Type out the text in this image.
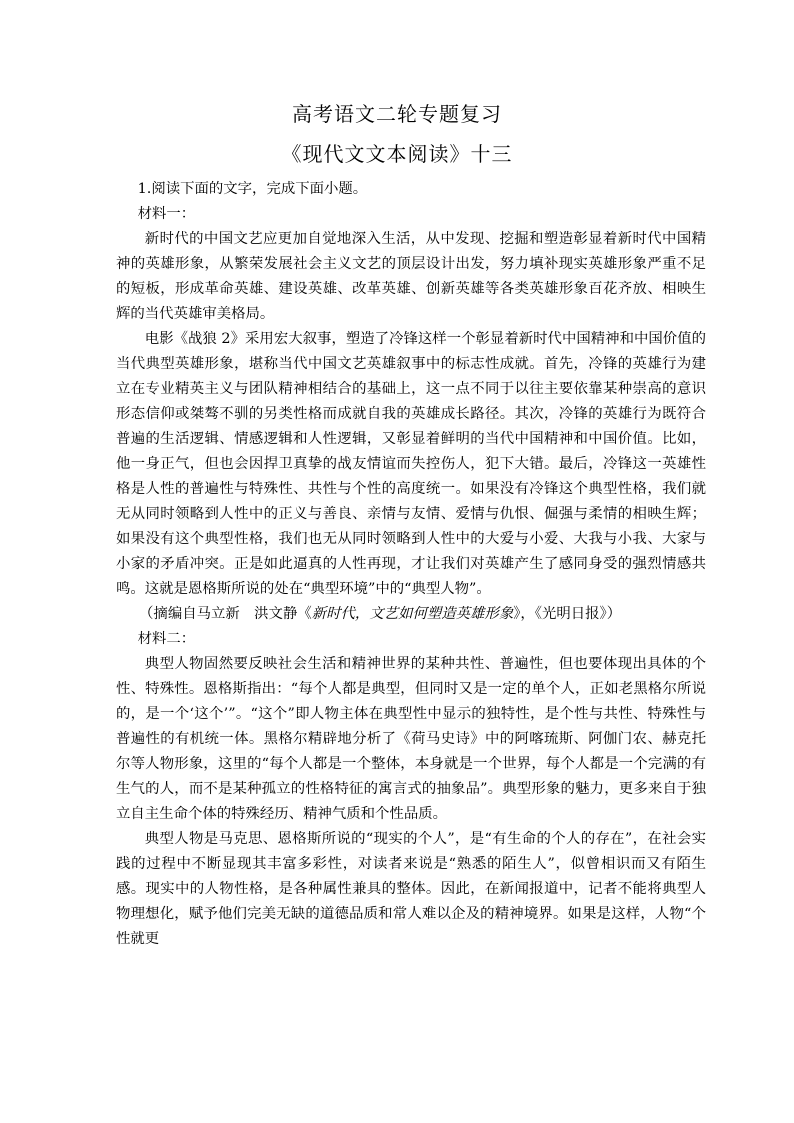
高考语文二轮专题复习
《现代文文本阅读》十三

1.阅读下面的文字，完成下面小题。

材料一：

新时代的中国文艺应更加自觉地深入生活，从中发现、挖掘和塑造彰显着新时代中国精神的英雄形象，从繁荣发展社会主义文艺的顶层设计出发，努力填补现实英雄形象严重不足的短板，形成革命英雄、建设英雄、改革英雄、创新英雄等各类英雄形象百花齐放、相映生辉的当代英雄审美格局。

电影《战狼 2》采用宏大叙事，塑造了冷锋这样一个彰显着新时代中国精神和中国价值的当代典型英雄形象，堪称当代中国文艺英雄叙事中的标志性成就。首先，冷锋的英雄行为建立在专业精英主义与团队精神相结合的基础上，这一点不同于以往主要依靠某种崇高的意识形态信仰或桀骜不驯的另类性格而成就自我的英雄成长路径。其次，冷锋的英雄行为既符合普遍的生活逻辑、情感逻辑和人性逻辑，又彰显着鲜明的当代中国精神和中国价值。比如，他一身正气，但也会因捍卫真挚的战友情谊而失控伤人，犯下大错。最后，冷锋这一英雄性格是人性的普遍性与特殊性、共性与个性的高度统一。如果没有冷锋这个典型性格，我们就无从同时领略到人性中的正义与善良、亲情与友情、爱情与仇恨、倔强与柔情的相映生辉；如果没有这个典型性格，我们也无从同时领略到人性中的大爱与小爱、大我与小我、大家与小家的矛盾冲突。正是如此逼真的人性再现，才让我们对英雄产生了感同身受的强烈情感共鸣。这就是恩格斯所说的处在“典型环境”中的“典型人物”。

（摘编自马立新　洪文静《新时代，文艺如何塑造英雄形象》，《光明日报》）

材料二：

典型人物固然要反映社会生活和精神世界的某种共性、普遍性，但也要体现出具体的个性、特殊性。恩格斯指出：“每个人都是典型，但同时又是一定的单个人，正如老黑格尔所说的，是一个‘这个’”。“这个”即人物主体在典型性中显示的独特性，是个性与共性、特殊性与普遍性的有机统一体。黑格尔精辟地分析了《荷马史诗》中的阿喀琉斯、阿伽门农、赫克托尔等人物形象，这里的“每个人都是一个整体，本身就是一个世界，每个人都是一个完满的有生气的人，而不是某种孤立的性格特征的寓言式的抽象品”。典型形象的魅力，更多来自于独立自主生命个体的特殊经历、精神气质和个性品质。

典型人物是马克思、恩格斯所说的“现实的个人”，是“有生命的个人的存在”，在社会实践的过程中不断显现其丰富多彩性，对读者来说是“熟悉的陌生人”，似曾相识而又有陌生感。现实中的人物性格，是各种属性兼具的整体。因此，在新闻报道中，记者不能将典型人物理想化，赋予他们完美无缺的道德品质和常人难以企及的精神境界。如果是这样，人物“个性就更
